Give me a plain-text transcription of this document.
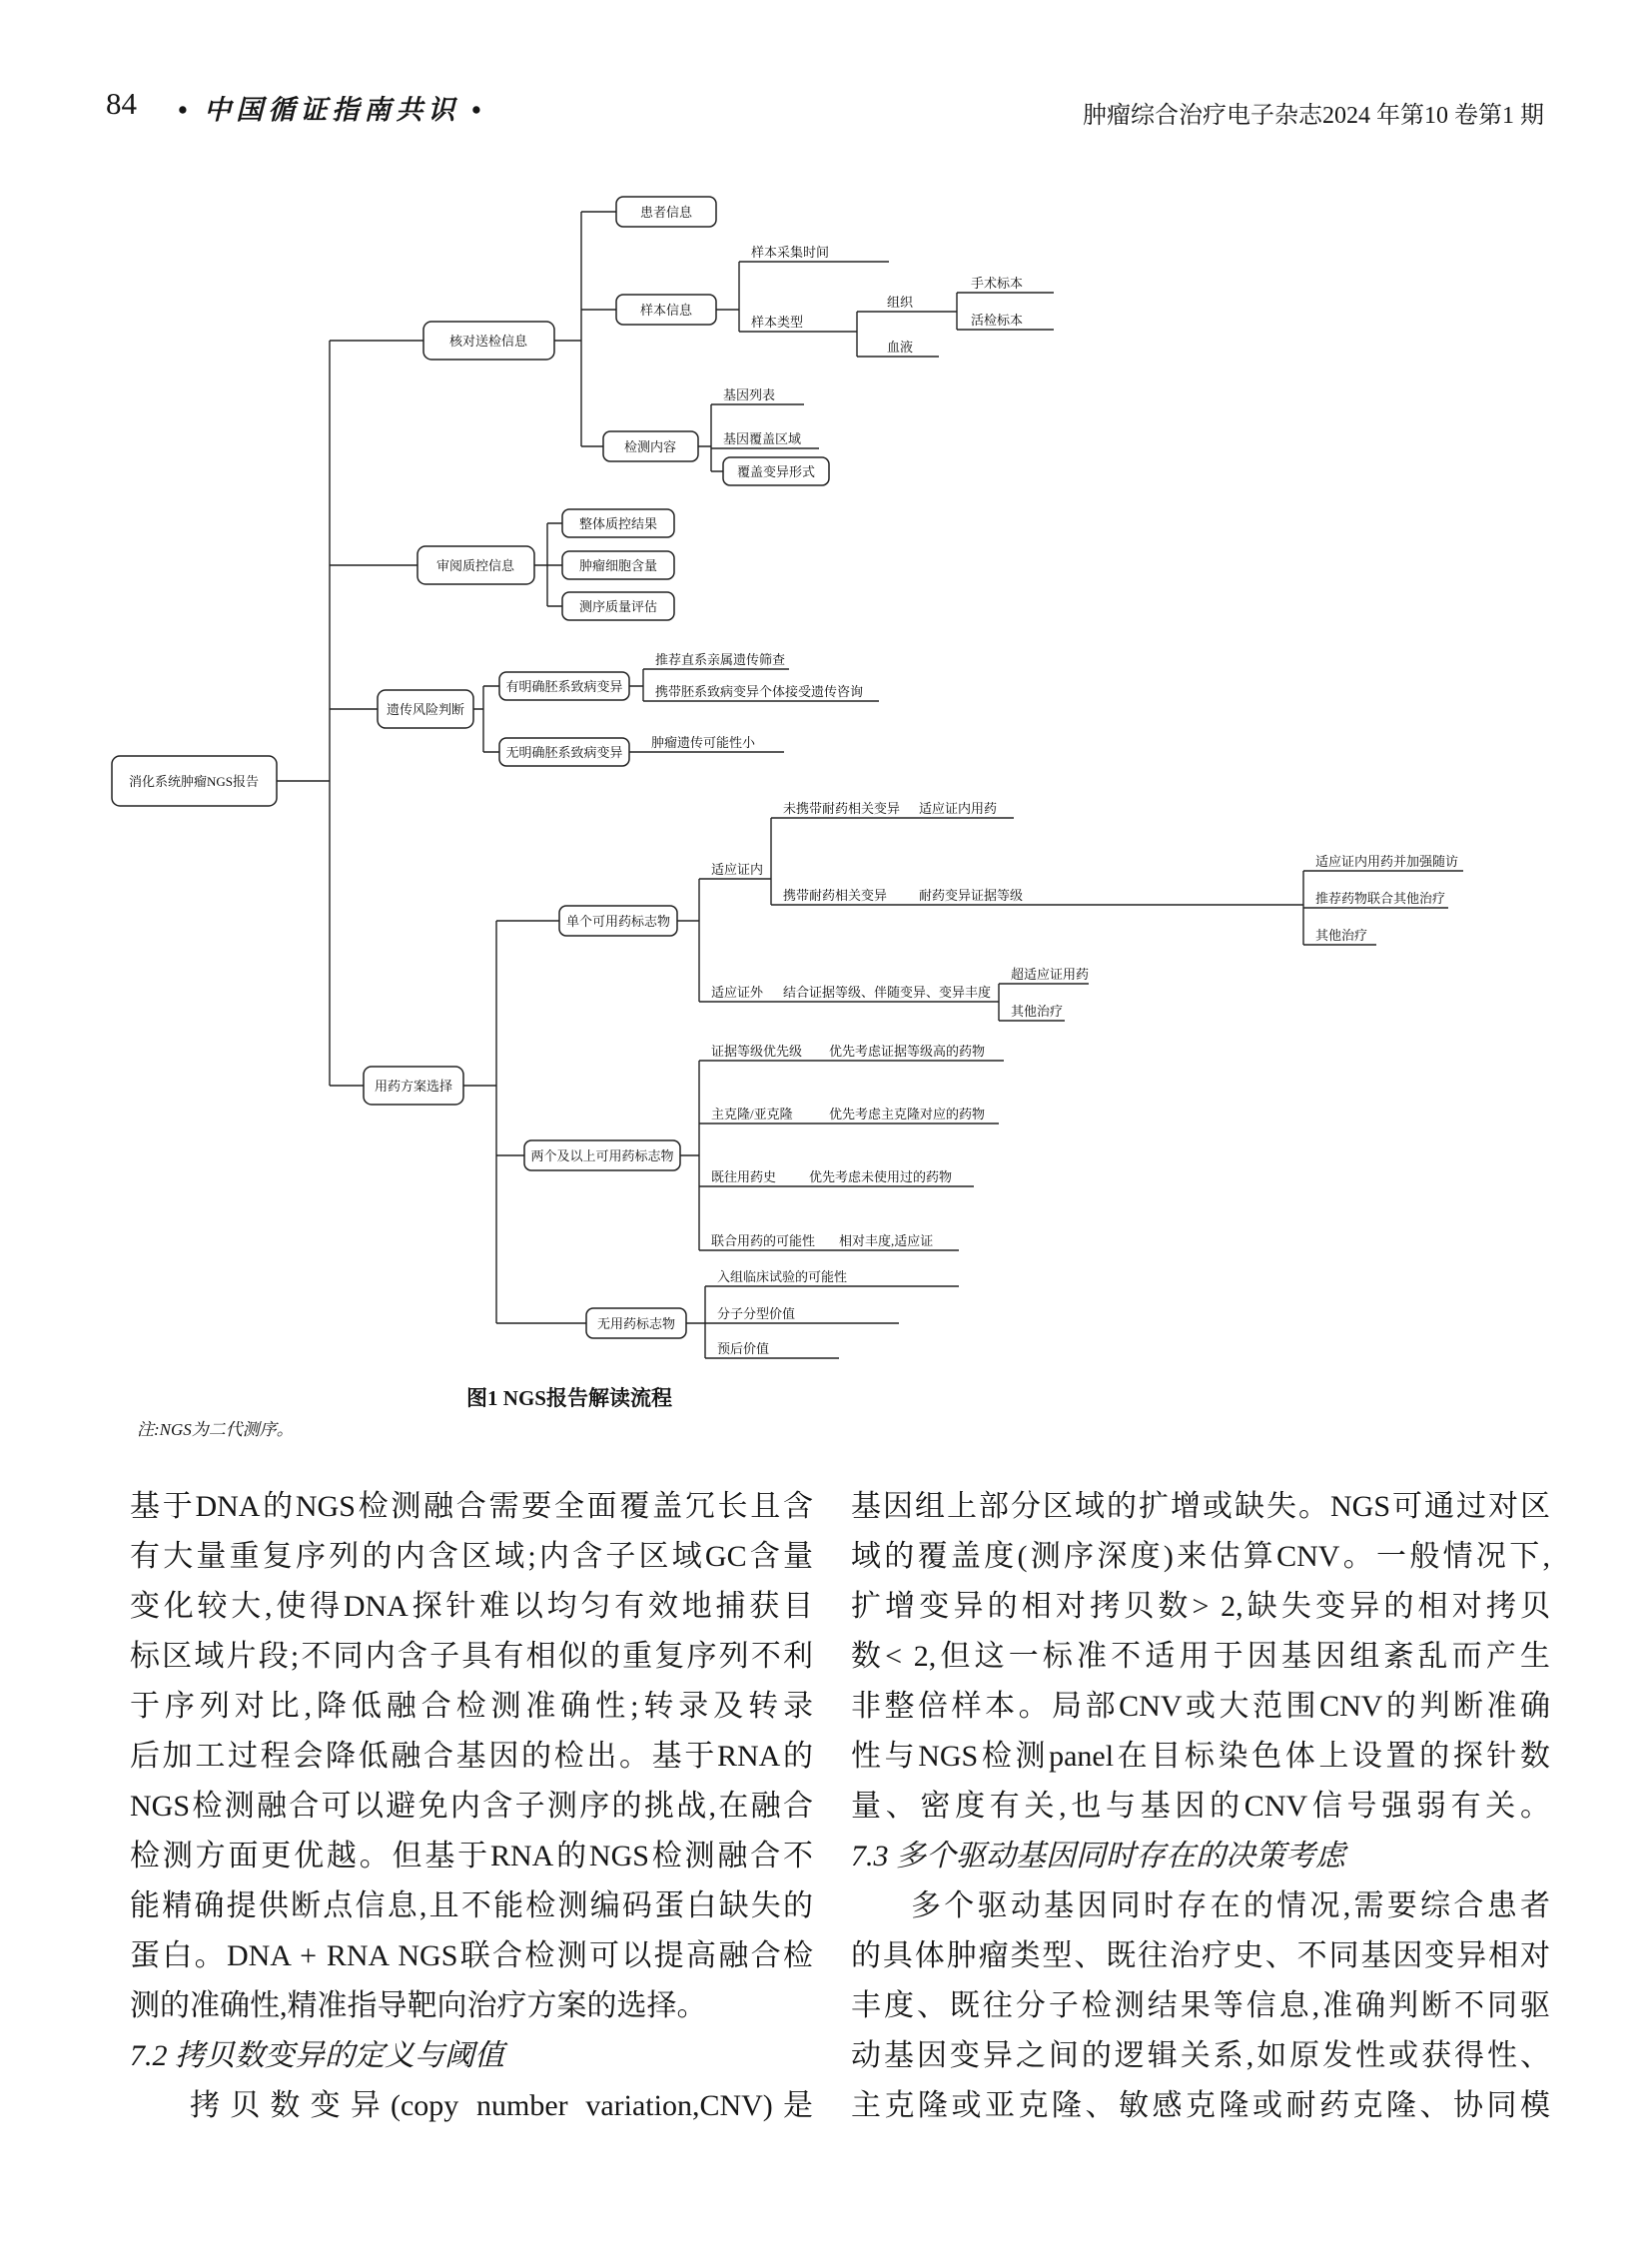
84 • 中国循证指南共识 •	肿瘤综合治疗电子杂志2024 年第10 卷第1 期
消化系统肿瘤NGS报告
核对送检信息
患者信息
样本信息
检测内容
覆盖变异形式
审阅质控信息
整体质控结果
肿瘤细胞含量
测序质量评估
遗传风险判断
有明确胚系致病变异
无明确胚系致病变异
用药方案选择
单个可用药标志物
两个及以上可用药标志物
无用药标志物
样本采集时间
样本类型
组织
血液
手术标本
活检标本
基因列表
基因覆盖区域
推荐直系亲属遗传筛查
携带胚系致病变异个体接受遗传咨询
肿瘤遗传可能性小
适应证内
未携带耐药相关变异 适应证内用药
携带耐药相关变异 耐药变异证据等级
适应证内用药并加强随访
推荐药物联合其他治疗
其他治疗
适应证外 结合证据等级、伴随变异、变异丰度
超适应证用药
其他治疗
证据等级优先级 优先考虑证据等级高的药物
主克隆/亚克隆	优先考虑主克隆对应的药物
既往用药史	优先考虑未使用过的药物
联合用药的可能性 相对丰度,适应证
入组临床试验的可能性
分子分型价值
预后价值
图1 NGS报告解读流程
注:NGS为二代测序。
基于DNA的NGS检测融合需要全面覆盖冗长且含
有大量重复序列的内含区域;内含子区域GC含量
变化较大,使得DNA探针难以均匀有效地捕获目
标区域片段;不同内含子具有相似的重复序列不利
于序列对比,降低融合检测准确性;转录及转录
后加工过程会降低融合基因的检出。基于RNA的
NGS检测融合可以避免内含子测序的挑战,在融合
检测方面更优越。但基于RNA的NGS检测融合不
能精确提供断点信息,且不能检测编码蛋白缺失的
蛋白。DNA + RNA NGS联合检测可以提高融合检
测的准确性,精准指导靶向治疗方案的选择。
7.2 拷贝数变异的定义与阈值
拷贝数变异(copy number variation,CNV)是
基因组上部分区域的扩增或缺失。NGS可通过对区
域的覆盖度(测序深度)来估算CNV。一般情况下,
扩增变异的相对拷贝数> 2,缺失变异的相对拷贝
数< 2,但这一标准不适用于因基因组紊乱而产生
非整倍样本。局部CNV或大范围CNV的判断准确
性与NGS检测panel在目标染色体上设置的探针数
量、密度有关,也与基因的CNV信号强弱有关。
7.3 多个驱动基因同时存在的决策考虑
多个驱动基因同时存在的情况,需要综合患者
的具体肿瘤类型、既往治疗史、不同基因变异相对
丰度、既往分子检测结果等信息,准确判断不同驱
动基因变异之间的逻辑关系,如原发性或获得性、
主克隆或亚克隆、敏感克隆或耐药克隆、协同模
